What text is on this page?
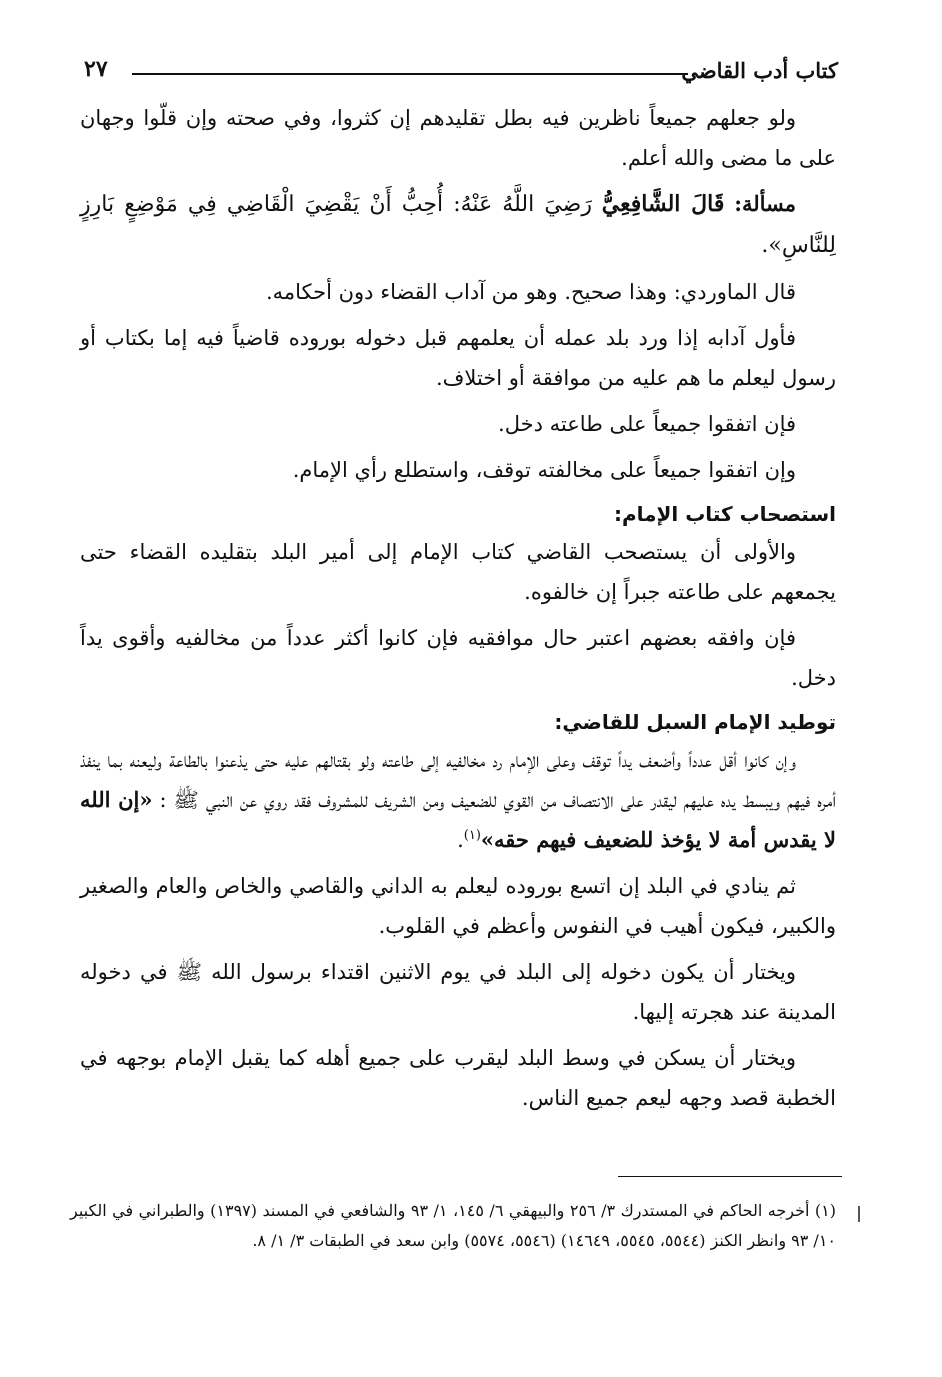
كتاب أدب القاضي
٢٧

ولو جعلهم جميعاً ناظرين فيه بطل تقليدهم إن كثروا، وفي صحته وإن قلّوا وجهان على ما مضى والله أعلم.

مسألة: قَالَ الشَّافِعِيُّ رَضِيَ اللَّهُ عَنْهُ: أُحِبُّ أَنْ يَقْضِيَ الْقَاضِي فِي مَوْضِعٍ بَارِزٍ لِلنَّاسِ».

قال الماوردي: وهذا صحيح. وهو من آداب القضاء دون أحكامه.

فأول آدابه إذا ورد بلد عمله أن يعلمهم قبل دخوله بوروده قاضياً فيه إما بكتاب أو رسول ليعلم ما هم عليه من موافقة أو اختلاف.

فإن اتفقوا جميعاً على طاعته دخل.

وإن اتفقوا جميعاً على مخالفته توقف، واستطلع رأي الإمام.

استصحاب كتاب الإمام:

والأولى أن يستصحب القاضي كتاب الإمام إلى أمير البلد بتقليده القضاء حتى يجمعهم على طاعته جبراً إن خالفوه.

فإن وافقه بعضهم اعتبر حال موافقيه فإن كانوا أكثر عدداً من مخالفيه وأقوى يداً دخل.

توطيد الإمام السبل للقاضي:

وإن كانوا أقل عدداً وأضعف يداً توقف وعلى الإمام رد مخالفيه إلى طاعته ولو بقتالهم عليه حتى يذعنوا بالطاعة وليعنه بما ينفذ أمره فيهم ويبسط يده عليهم ليقدر على الانتصاف من القوي للضعيف ومن الشريف للمشروف فقد روي عن النبي ﷺ : «إن الله لا يقدس أمة لا يؤخذ للضعيف فيهم حقه»$^{(١)}$.

ثم ينادي في البلد إن اتسع بوروده ليعلم به الداني والقاصي والخاص والعام والصغير والكبير، فيكون أهيب في النفوس وأعظم في القلوب.

ويختار أن يكون دخوله إلى البلد في يوم الاثنين اقتداء برسول الله ﷺ في دخوله المدينة عند هجرته إليها.

ويختار أن يسكن في وسط البلد ليقرب على جميع أهله كما يقبل الإمام بوجهه في الخطبة قصد وجهه ليعم جميع الناس.

(١) أخرجه الحاكم في المستدرك ٣/ ٢٥٦ والبيهقي ٦/ ١٤٥، ١/ ٩٣ والشافعي في المسند (١٣٩٧) والطبراني في الكبير ١٠/ ٩٣ وانظر الكنز (٥٥٤٤، ٥٥٤٥، ١٤٦٤٩) (٥٥٤٦، ٥٥٧٤) وابن سعد في الطبقات ٣/ ١/ ٨.
